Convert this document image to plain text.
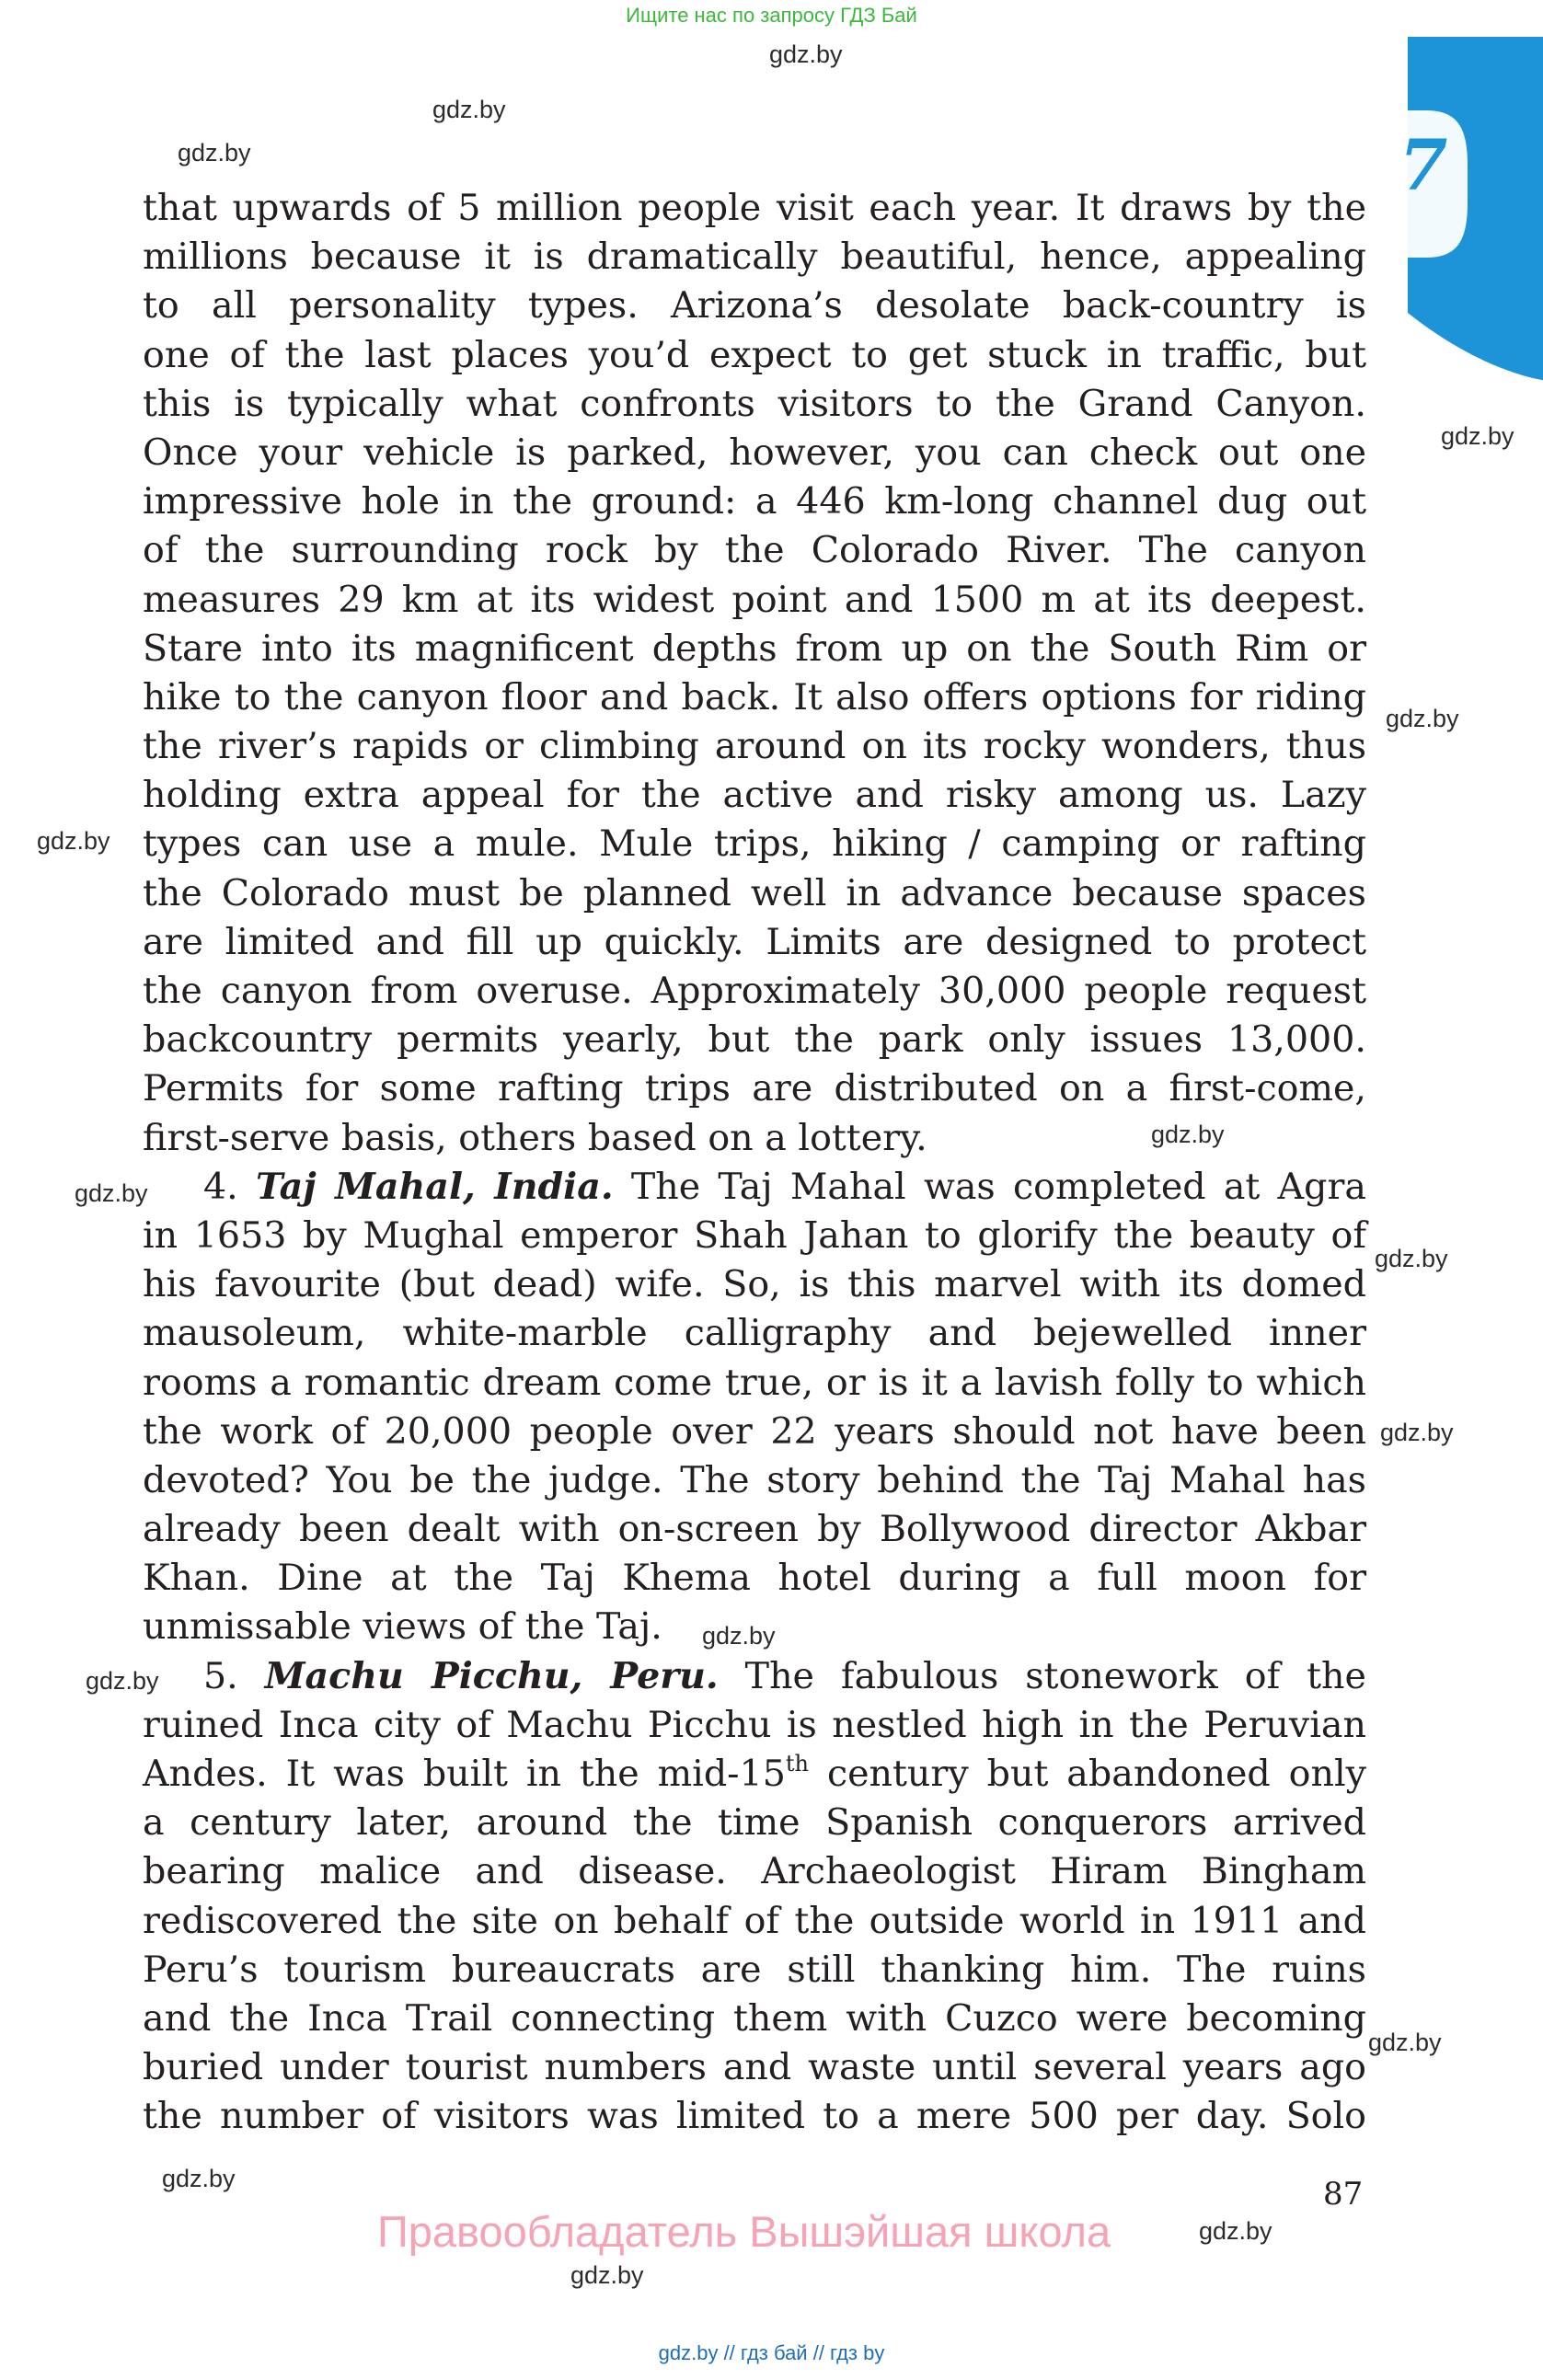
Ищите нас по запросу ГДЗ Бай
7
gdz.by
gdz.by
gdz.by
gdz.by
gdz.by
gdz.by
gdz.by
gdz.by
gdz.by
gdz.by
gdz.by
gdz.by
gdz.by
gdz.by
gdz.by
gdz.by
that upwards of 5 million people visit each year. It draws by the
millions because it is dramatically beautiful, hence, appealing
to all personality types. Arizona’s desolate back-country is
one of the last places you’d expect to get stuck in traffic, but
this is typically what confronts visitors to the Grand Canyon.
Once your vehicle is parked, however, you can check out one
impressive hole in the ground: a 446 km-long channel dug out
of the surrounding rock by the Colorado River. The canyon
measures 29 km at its widest point and 1500 m at its deepest.
Stare into its magnificent depths from up on the South Rim or
hike to the canyon floor and back. It also offers options for riding
the river’s rapids or climbing around on its rocky wonders, thus
holding extra appeal for the active and risky among us. Lazy
types can use a mule. Mule trips, hiking / camping or rafting
the Colorado must be planned well in advance because spaces
are limited and fill up quickly. Limits are designed to protect
the canyon from overuse. Approximately 30,000 people request
backcountry permits yearly, but the park only issues 13,000.
Permits for some rafting trips are distributed on a first-come,
first-serve basis, others based on a lottery.
4. Taj Mahal, India. The Taj Mahal was completed at Agra
in 1653 by Mughal emperor Shah Jahan to glorify the beauty of
his favourite (but dead) wife. So, is this marvel with its domed
mausoleum, white-marble calligraphy and bejewelled inner
rooms a romantic dream come true, or is it a lavish folly to which
the work of 20,000 people over 22 years should not have been
devoted? You be the judge. The story behind the Taj Mahal has
already been dealt with on-screen by Bollywood director Akbar
Khan. Dine at the Taj Khema hotel during a full moon for
unmissable views of the Taj.
5. Machu Picchu, Peru. The fabulous stonework of the
ruined Inca city of Machu Picchu is nestled high in the Peruvian
Andes. It was built in the mid-15th century but abandoned only
a century later, around the time Spanish conquerors arrived
bearing malice and disease. Archaeologist Hiram Bingham
rediscovered the site on behalf of the outside world in 1911 and
Peru’s tourism bureaucrats are still thanking him. The ruins
and the Inca Trail connecting them with Cuzco were becoming
buried under tourist numbers and waste until several years ago
the number of visitors was limited to a mere 500 per day. Solo
87
Правообладатель Вышэйшая школа
gdz.by // гдз бай // гдз by
